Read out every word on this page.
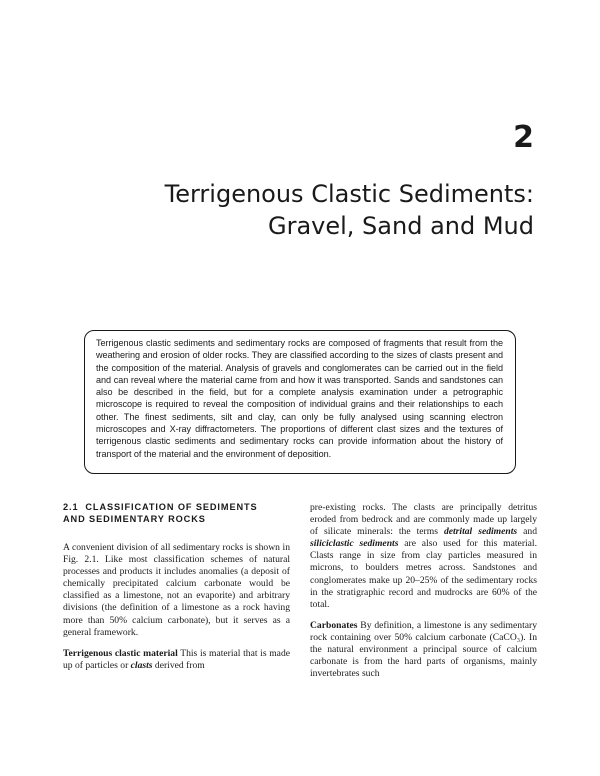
2
Terrigenous Clastic Sediments:
Gravel, Sand and Mud
Terrigenous clastic sediments and sedimentary rocks are composed of fragments that result from the weathering and erosion of older rocks. They are classified according to the sizes of clasts present and the composition of the material. Analysis of gravels and conglomerates can be carried out in the field and can reveal where the material came from and how it was transported. Sands and sandstones can also be described in the field, but for a complete analysis examination under a petrographic microscope is required to reveal the composition of individual grains and their relationships to each other. The finest sediments, silt and clay, can only be fully analysed using scanning electron microscopes and X-ray diffractometers. The proportions of different clast sizes and the textures of terrigenous clastic sediments and sedimentary rocks can provide information about the history of transport of the material and the environment of deposition.
2.1 CLASSIFICATION OF SEDIMENTS
AND SEDIMENTARY ROCKS

A convenient division of all sedimentary rocks is shown in Fig. 2.1. Like most classification schemes of natural processes and products it includes anomalies (a deposit of chemically precipitated calcium carbonate would be classified as a limestone, not an evaporite) and arbitrary divisions (the definition of a limestone as a rock having more than 50% calcium carbonate), but it serves as a general framework.

Terrigenous clastic material This is material that is made up of particles or clasts derived from

pre-existing rocks. The clasts are principally detritus eroded from bedrock and are commonly made up largely of silicate minerals: the terms detrital sediments and siliciclastic sediments are also used for this material. Clasts range in size from clay particles measured in microns, to boulders metres across. Sandstones and conglomerates make up 20–25% of the sedimentary rocks in the stratigraphic record and mudrocks are 60% of the total.

Carbonates By definition, a limestone is any sedimentary rock containing over 50% calcium carbonate (CaCO₃). In the natural environment a principal source of calcium carbonate is from the hard parts of organisms, mainly invertebrates such
